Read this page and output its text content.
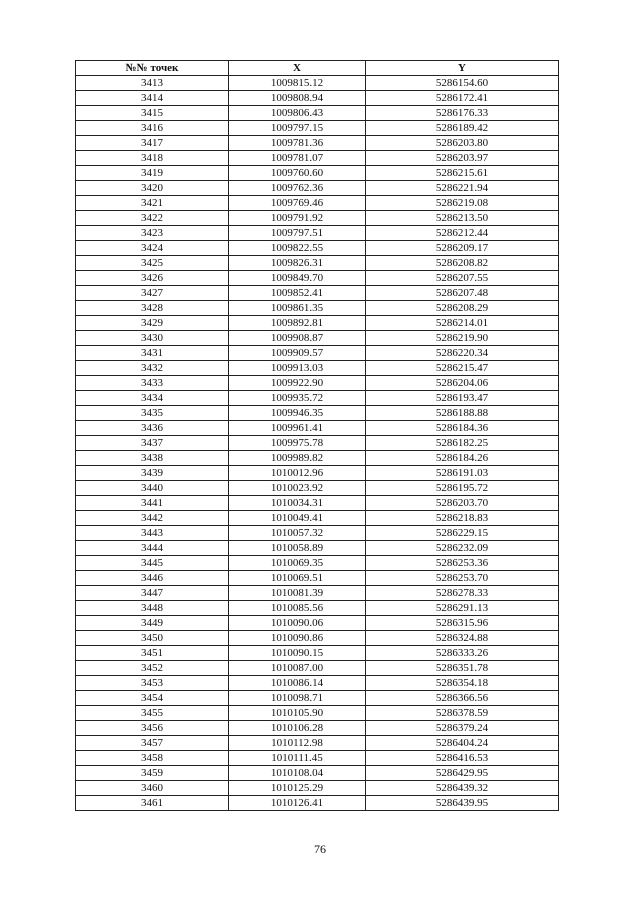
№№ точек	X	Y
3413	1009815.12	5286154.60
3414	1009808.94	5286172.41
3415	1009806.43	5286176.33
3416	1009797.15	5286189.42
3417	1009781.36	5286203.80
3418	1009781.07	5286203.97
3419	1009760.60	5286215.61
3420	1009762.36	5286221.94
3421	1009769.46	5286219.08
3422	1009791.92	5286213.50
3423	1009797.51	5286212.44
3424	1009822.55	5286209.17
3425	1009826.31	5286208.82
3426	1009849.70	5286207.55
3427	1009852.41	5286207.48
3428	1009861.35	5286208.29
3429	1009892.81	5286214.01
3430	1009908.87	5286219.90
3431	1009909.57	5286220.34
3432	1009913.03	5286215.47
3433	1009922.90	5286204.06
3434	1009935.72	5286193.47
3435	1009946.35	5286188.88
3436	1009961.41	5286184.36
3437	1009975.78	5286182.25
3438	1009989.82	5286184.26
3439	1010012.96	5286191.03
3440	1010023.92	5286195.72
3441	1010034.31	5286203.70
3442	1010049.41	5286218.83
3443	1010057.32	5286229.15
3444	1010058.89	5286232.09
3445	1010069.35	5286253.36
3446	1010069.51	5286253.70
3447	1010081.39	5286278.33
3448	1010085.56	5286291.13
3449	1010090.06	5286315.96
3450	1010090.86	5286324.88
3451	1010090.15	5286333.26
3452	1010087.00	5286351.78
3453	1010086.14	5286354.18
3454	1010098.71	5286366.56
3455	1010105.90	5286378.59
3456	1010106.28	5286379.24
3457	1010112.98	5286404.24
3458	1010111.45	5286416.53
3459	1010108.04	5286429.95
3460	1010125.29	5286439.32
3461	1010126.41	5286439.95
76
